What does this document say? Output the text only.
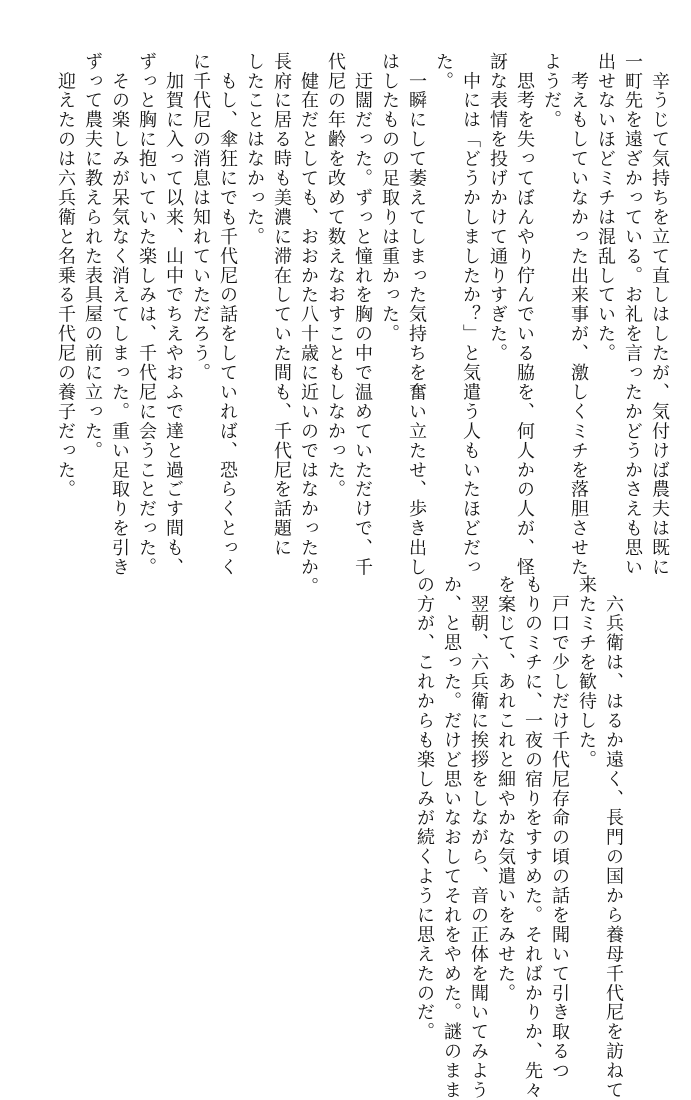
　辛うじて気持ちを立て直しはしたが、気付けば農夫は既に
一町先を遠ざかっている。お礼を言ったかどうかさえも思い
出せないほどミチは混乱していた。
　考えもしていなかった出来事が、激しくミチを落胆させた
ようだ。
　思考を失ってぼんやり佇んでいる脇を、何人かの人が、怪
訝な表情を投げかけて通りすぎた。
　中には「どうかしましたか？」と気遣う人もいたほどだっ
た。
　一瞬にして萎えてしまった気持ちを奮い立たせ、歩き出し
はしたものの足取りは重かった。
　迂闊だった。ずっと憧れを胸の中で温めていただけで、千
代尼の年齢を改めて数えなおすこともしなかった。
　健在だとしても、おおかた八十歳に近いのではなかったか。
長府に居る時も美濃に滞在していた間も、千代尼を話題に
したことはなかった。
　もし、傘狂にでも千代尼の話をしていれば、恐らくとっく
に千代尼の消息は知れていただろう。
　加賀に入って以来、山中でちえやおふで達と過ごす間も、
ずっと胸に抱いていた楽しみは、千代尼に会うことだった。
　その楽しみが呆気なく消えてしまった。重い足取りを引き
ずって農夫に教えられた表具屋の前に立った。
　迎えたのは六兵衛と名乗る千代尼の養子だった。
　六兵衛は、はるか遠く、長門の国から養母千代尼を訪ねて
来たミチを歓待した。
　戸口で少しだけ千代尼存命の頃の話を聞いて引き取るつ
もりのミチに、一夜の宿りをすすめた。そればかりか、先々
を案じて、あれこれと細やかな気遣いをみせた。
　翌朝、六兵衛に挨拶をしながら、音の正体を聞いてみよう
か、と思った。だけど思いなおしてそれをやめた。謎のまま
の方が、これからも楽しみが続くように思えたのだ。
